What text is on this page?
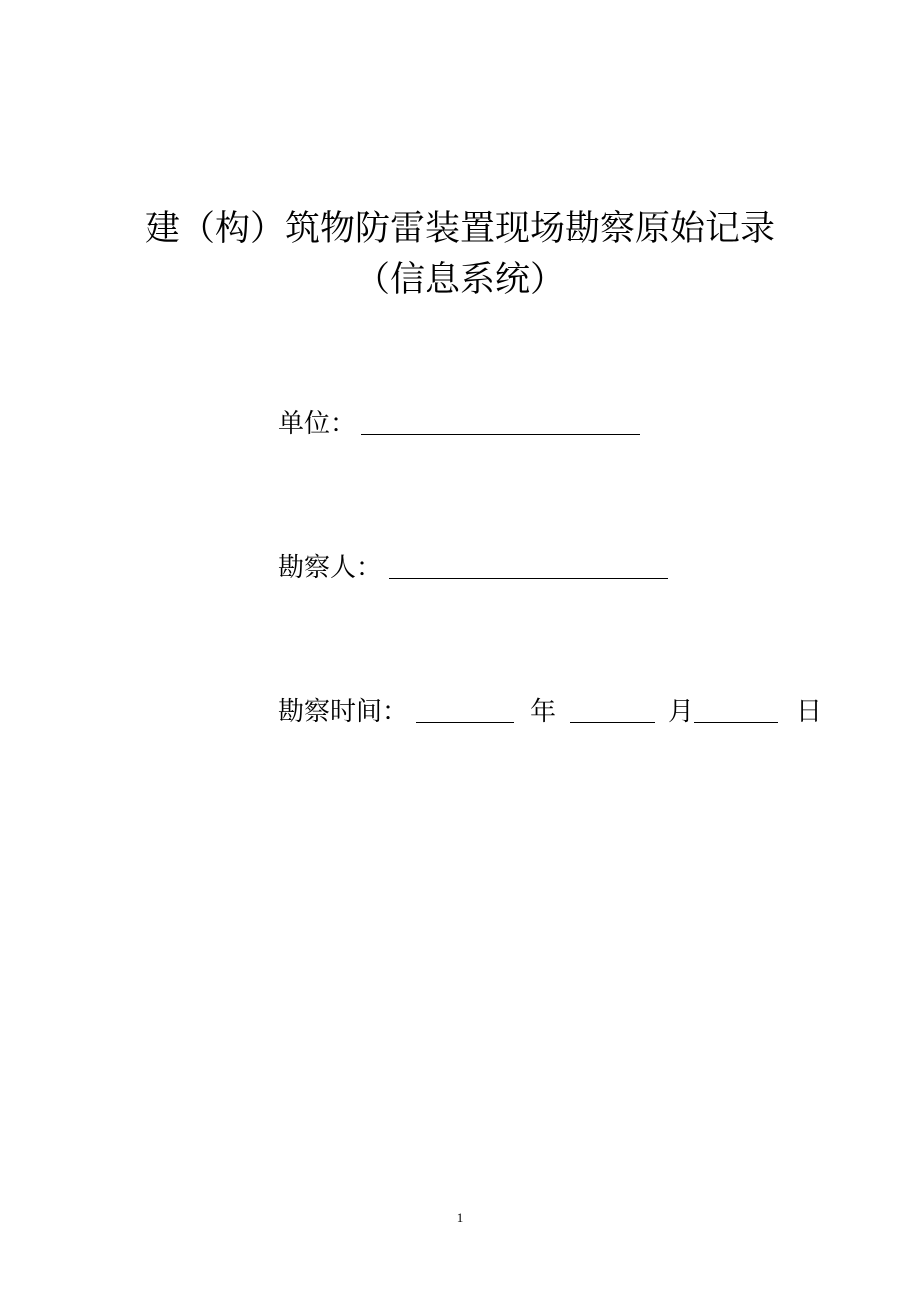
建（构）筑物防雷装置现场勘察原始记录
（信息系统）
单位：
勘察人：
勘察时间：	年	月	日
1
